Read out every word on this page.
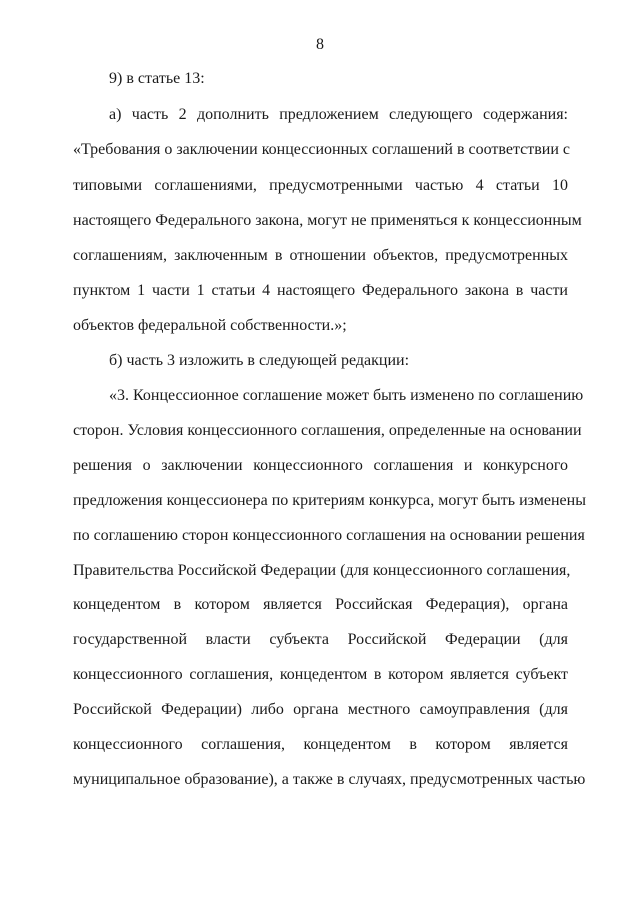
8
9) в статье 13:
а) часть 2 дополнить предложением следующего содержания:
«Требования о заключении концессионных соглашений в соответствии с
типовыми соглашениями, предусмотренными частью 4 статьи 10
настоящего Федерального закона, могут не применяться к концессионным
соглашениям, заключенным в отношении объектов, предусмотренных
пунктом 1 части 1 статьи 4 настоящего Федерального закона в части
объектов федеральной собственности.»;
б) часть 3 изложить в следующей редакции:
«3. Концессионное соглашение может быть изменено по соглашению
сторон. Условия концессионного соглашения, определенные на основании
решения о заключении концессионного соглашения и конкурсного
предложения концессионера по критериям конкурса, могут быть изменены
по соглашению сторон концессионного соглашения на основании решения
Правительства Российской Федерации (для концессионного соглашения,
концедентом в котором является Российская Федерация), органа
государственной власти субъекта Российской Федерации (для
концессионного соглашения, концедентом в котором является субъект
Российской Федерации) либо органа местного самоуправления (для
концессионного соглашения, концедентом в котором является
муниципальное образование), а также в случаях, предусмотренных частью
